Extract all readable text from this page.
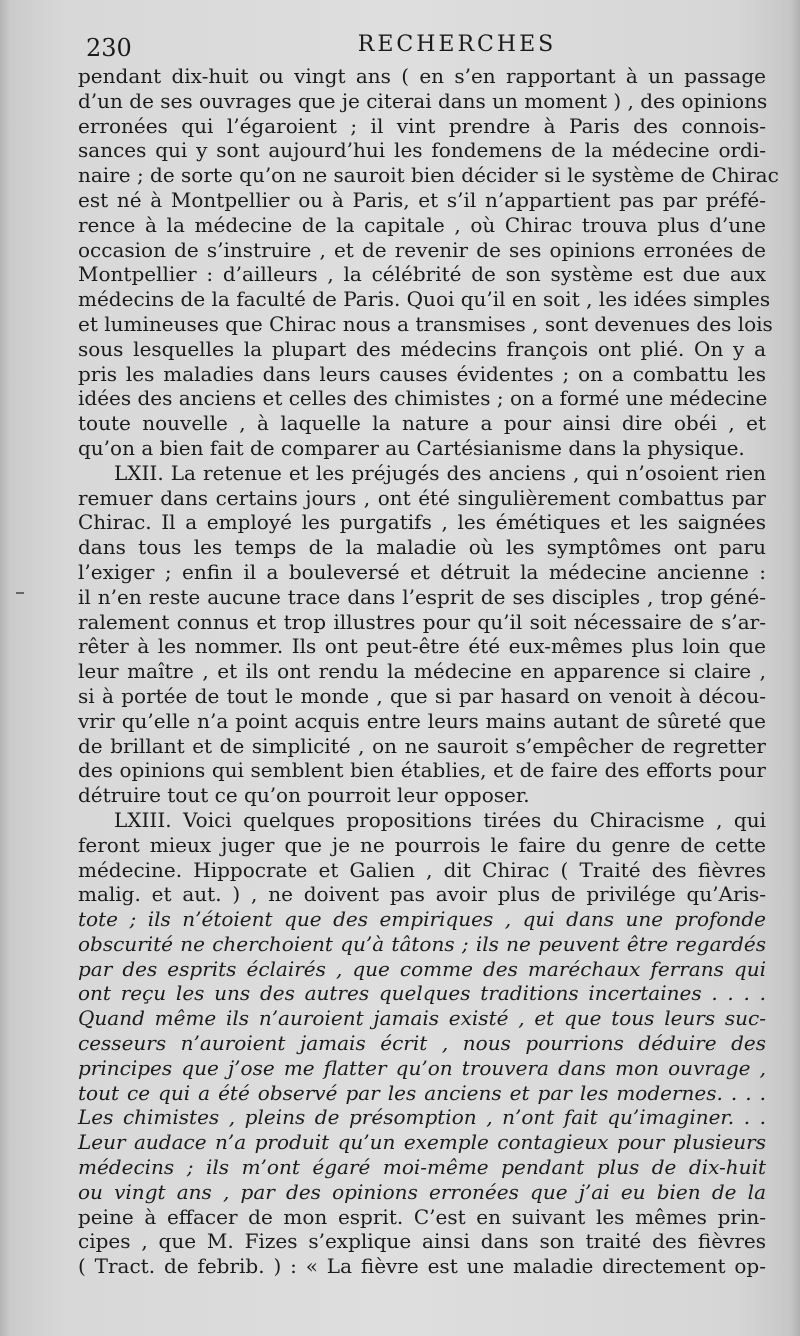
230	RECHERCHES
pendant dix-huit ou vingt ans ( en s’en rapportant à un passage
d’un de ses ouvrages que je citerai dans un moment ) , des opinions
erronées qui l’égaroient ; il vint prendre à Paris des connois-
sances qui y sont aujourd’hui les fondemens de la médecine ordi-
naire ; de sorte qu’on ne sauroit bien décider si le système de Chirac
est né à Montpellier ou à Paris, et s’il n’appartient pas par préfé-
rence à la médecine de la capitale , où Chirac trouva plus d’une
occasion de s’instruire , et de revenir de ses opinions erronées de
Montpellier : d’ailleurs , la célébrité de son système est due aux
médecins de la faculté de Paris. Quoi qu’il en soit , les idées simples
et lumineuses que Chirac nous a transmises , sont devenues des lois
sous lesquelles la plupart des médecins françois ont plié. On y a
pris les maladies dans leurs causes évidentes ; on a combattu les
idées des anciens et celles des chimistes ; on a formé une médecine
toute nouvelle , à laquelle la nature a pour ainsi dire obéi , et
qu’on a bien fait de comparer au Cartésianisme dans la physique.
LXII. La retenue et les préjugés des anciens , qui n’osoient rien
remuer dans certains jours , ont été singulièrement combattus par
Chirac. Il a employé les purgatifs , les émétiques et les saignées
dans tous les temps de la maladie où les symptômes ont paru
l’exiger ; enfin il a bouleversé et détruit la médecine ancienne :
il n’en reste aucune trace dans l’esprit de ses disciples , trop géné-
ralement connus et trop illustres pour qu’il soit nécessaire de s’ar-
rêter à les nommer. Ils ont peut-être été eux-mêmes plus loin que
leur maître , et ils ont rendu la médecine en apparence si claire ,
si à portée de tout le monde , que si par hasard on venoit à décou-
vrir qu’elle n’a point acquis entre leurs mains autant de sûreté que
de brillant et de simplicité , on ne sauroit s’empêcher de regretter
des opinions qui semblent bien établies, et de faire des efforts pour
détruire tout ce qu’on pourroit leur opposer.
LXIII. Voici quelques propositions tirées du Chiracisme , qui
feront mieux juger que je ne pourrois le faire du genre de cette
médecine. Hippocrate et Galien , dit Chirac ( Traité des fièvres
malig. et aut. ) , ne doivent pas avoir plus de privilége qu’Aris-
tote ; ils n’étoient que des empiriques , qui dans une profonde
obscurité ne cherchoient qu’à tâtons ; ils ne peuvent être regardés
par des esprits éclairés , que comme des maréchaux ferrans qui
ont reçu les uns des autres quelques traditions incertaines . . . .
Quand même ils n’auroient jamais existé , et que tous leurs suc-
cesseurs n’auroient jamais écrit , nous pourrions déduire des
principes que j’ose me flatter qu’on trouvera dans mon ouvrage ,
tout ce qui a été observé par les anciens et par les modernes. . . .
Les chimistes , pleins de présomption , n’ont fait qu’imaginer. . .
Leur audace n’a produit qu’un exemple contagieux pour plusieurs
médecins ; ils m’ont égaré moi-même pendant plus de dix-huit
ou vingt ans , par des opinions erronées que j’ai eu bien de la
peine à effacer de mon esprit. C’est en suivant les mêmes prin-
cipes , que M. Fizes s’explique ainsi dans son traité des fièvres
( Tract. de febrib. ) : « La fièvre est une maladie directement op-
